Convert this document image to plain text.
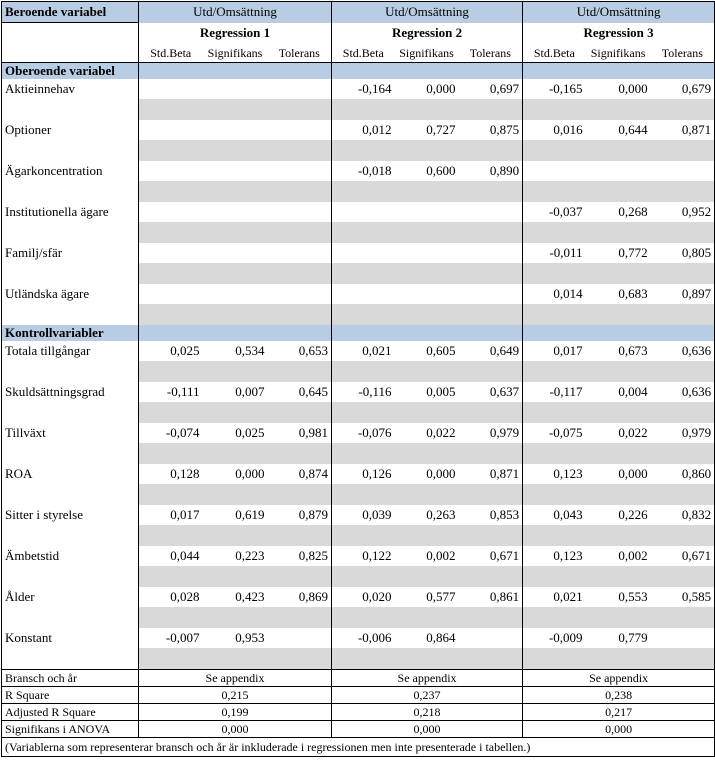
Beroende variabel	Utd/Omsättning			Utd/Omsättning			Utd/Omsättning		
	Regression 1			Regression 2			Regression 3		
	Std.Beta	Signifikans	Tolerans	Std.Beta	Signifikans	Tolerans	Std.Beta	Signifikans	Tolerans
Oberoende variabel									
Aktieinnehav				-0,164	0,000	0,697	-0,165	0,000	0,679

Optioner				0,012	0,727	0,875	0,016	0,644	0,871

Ägarkoncentration				-0,018	0,600	0,890			

Institutionella ägare							-0,037	0,268	0,952

Familj/sfär							-0,011	0,772	0,805

Utländska ägare							0,014	0,683	0,897

Kontrollvariabler									
Totala tillgångar	0,025	0,534	0,653	0,021	0,605	0,649	0,017	0,673	0,636

Skuldsättningsgrad	-0,111	0,007	0,645	-0,116	0,005	0,637	-0,117	0,004	0,636

Tillväxt	-0,074	0,025	0,981	-0,076	0,022	0,979	-0,075	0,022	0,979

ROA	0,128	0,000	0,874	0,126	0,000	0,871	0,123	0,000	0,860

Sitter i styrelse	0,017	0,619	0,879	0,039	0,263	0,853	0,043	0,226	0,832

Ämbetstid	0,044	0,223	0,825	0,122	0,002	0,671	0,123	0,002	0,671

Ålder	0,028	0,423	0,869	0,020	0,577	0,861	0,021	0,553	0,585

Konstant	-0,007	0,953		-0,006	0,864		-0,009	0,779	

Bransch och år	Se appendix			Se appendix			Se appendix		
R Square	0,215			0,237			0,238		
Adjusted R Square	0,199			0,218			0,217		
Signifikans i ANOVA	0,000			0,000			0,000		
(Variablerna som representerar bransch och år är inkluderade i regressionen men inte presenterade i tabellen.)									
